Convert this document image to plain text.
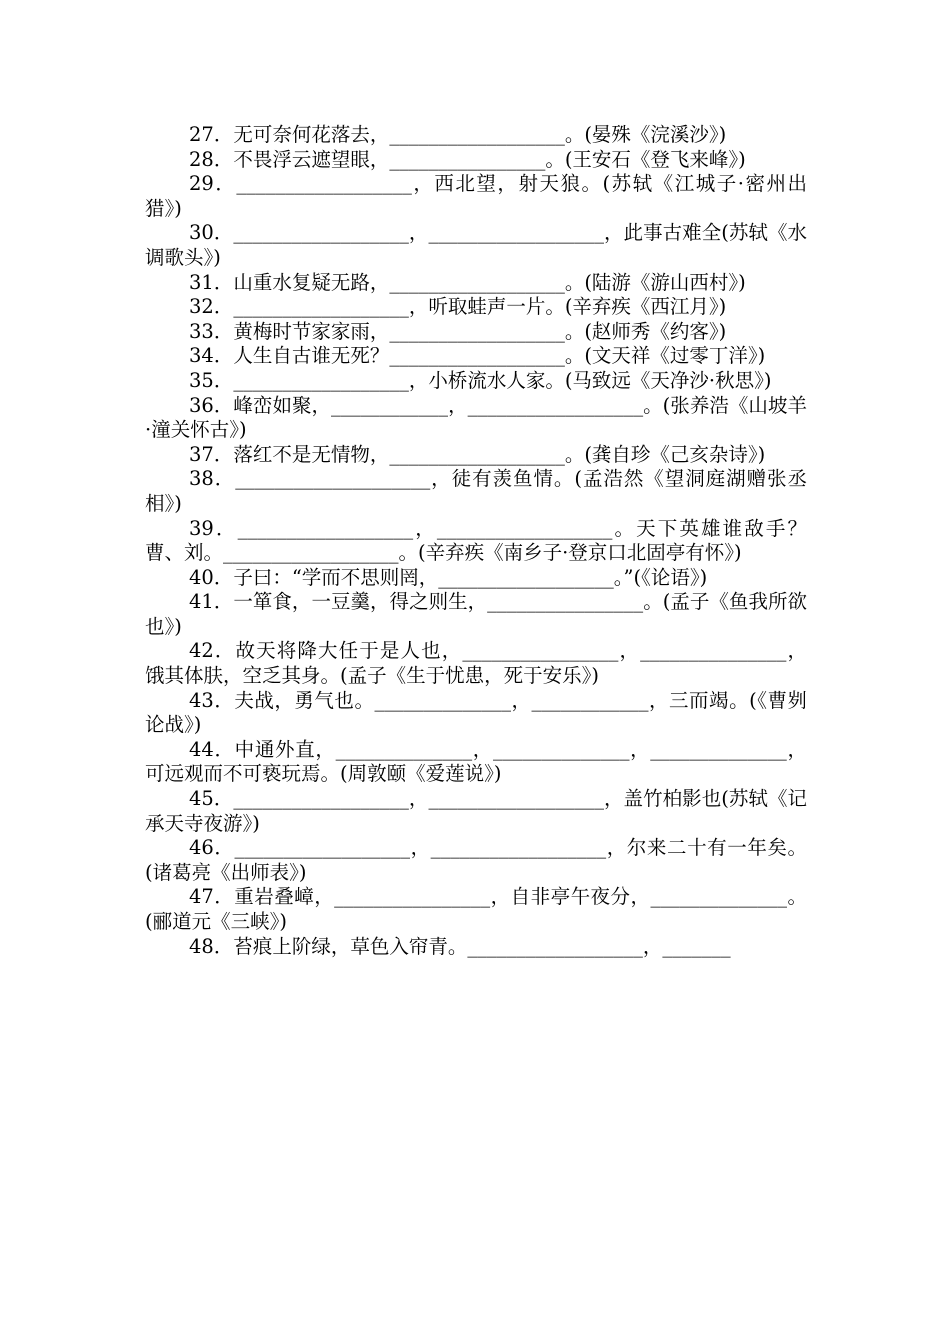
27．无可奈何花落去，__________________。(晏殊《浣溪沙》)

28．不畏浮云遮望眼，________________。(王安石《登飞来峰》)

29．__________________，西北望，射天狼。(苏轼《江城子·密州出猎》)

30．__________________，__________________，此事古难全(苏轼《水调歌头》)

31．山重水复疑无路，__________________。(陆游《游山西村》)

32．__________________，听取蛙声一片。(辛弃疾《西江月》)

33．黄梅时节家家雨，__________________。(赵师秀《约客》)

34．人生自古谁无死？__________________。(文天祥《过零丁洋》)

35．__________________，小桥流水人家。(马致远《天净沙·秋思》)

36．峰峦如聚，____________，__________________。(张养浩《山坡羊·潼关怀古》)

37．落红不是无情物，__________________。(龚自珍《己亥杂诗》)

38．____________________，徒有羡鱼情。(孟浩然《望洞庭湖赠张丞相》)

39．__________________，__________________。天下英雄谁敌手？曹、刘。__________________。(辛弃疾《南乡子·登京口北固亭有怀》)

40．子曰：“学而不思则罔，__________________。”(《论语》)

41．一箪食，一豆羹，得之则生，________________。(孟子《鱼我所欲也》)

42．故天将降大任于是人也，________________，_______________，饿其体肤，空乏其身。(孟子《生于忧患，死于安乐》)

43．夫战，勇气也。______________，____________，三而竭。(《曹刿论战》)

44．中通外直，______________，______________，______________，可远观而不可亵玩焉。(周敦颐《爱莲说》)

45．__________________，__________________，盖竹柏影也(苏轼《记承天寺夜游》)

46．__________________，__________________，尔来二十有一年矣。(诸葛亮《出师表》)

47．重岩叠嶂，________________，自非亭午夜分，______________。(郦道元《三峡》)

48．苔痕上阶绿，草色入帘青。__________________，_______
